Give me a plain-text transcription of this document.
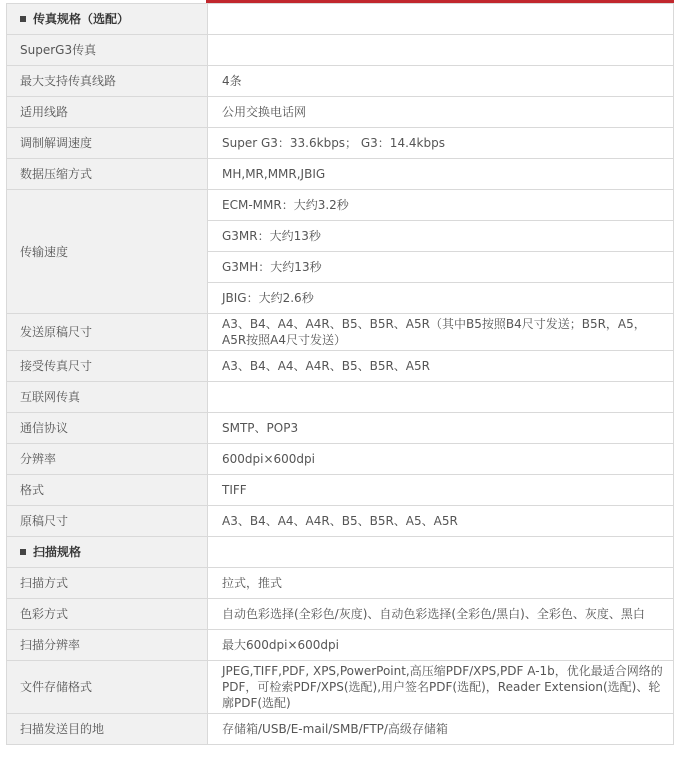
传真规格（选配）	
SuperG3传真	
最大支持传真线路	4条
适用线路	公用交换电话网
调制解调速度	Super G3：33.6kbps； G3：14.4kbps
数据压缩方式	MH,MR,MMR,JBIG
传输速度	ECM-MMR：大约3.2秒
	G3MR：大约13秒
	G3MH：大约13秒
	JBIG：大约2.6秒
发送原稿尺寸	A3、B4、A4、A4R、B5、B5R、A5R（其中B5按照B4尺寸发送；B5R，A5，A5R按照A4尺寸发送）
接受传真尺寸	A3、B4、A4、A4R、B5、B5R、A5R
互联网传真	
通信协议	SMTP、POP3
分辨率	600dpi×600dpi
格式	TIFF
原稿尺寸	A3、B4、A4、A4R、B5、B5R、A5、A5R
扫描规格	
扫描方式	拉式，推式
色彩方式	自动色彩选择(全彩色/灰度)、自动色彩选择(全彩色/黑白)、全彩色、灰度、黑白
扫描分辨率	最大600dpi×600dpi
文件存储格式	JPEG,TIFF,PDF, XPS,PowerPoint,高压缩PDF/XPS,PDF A-1b，优化最适合网络的PDF，可检索PDF/XPS(选配),用户签名PDF(选配)，Reader Extension(选配)、轮廓PDF(选配)
扫描发送目的地	存储箱/USB/E-mail/SMB/FTP/高级存储箱
